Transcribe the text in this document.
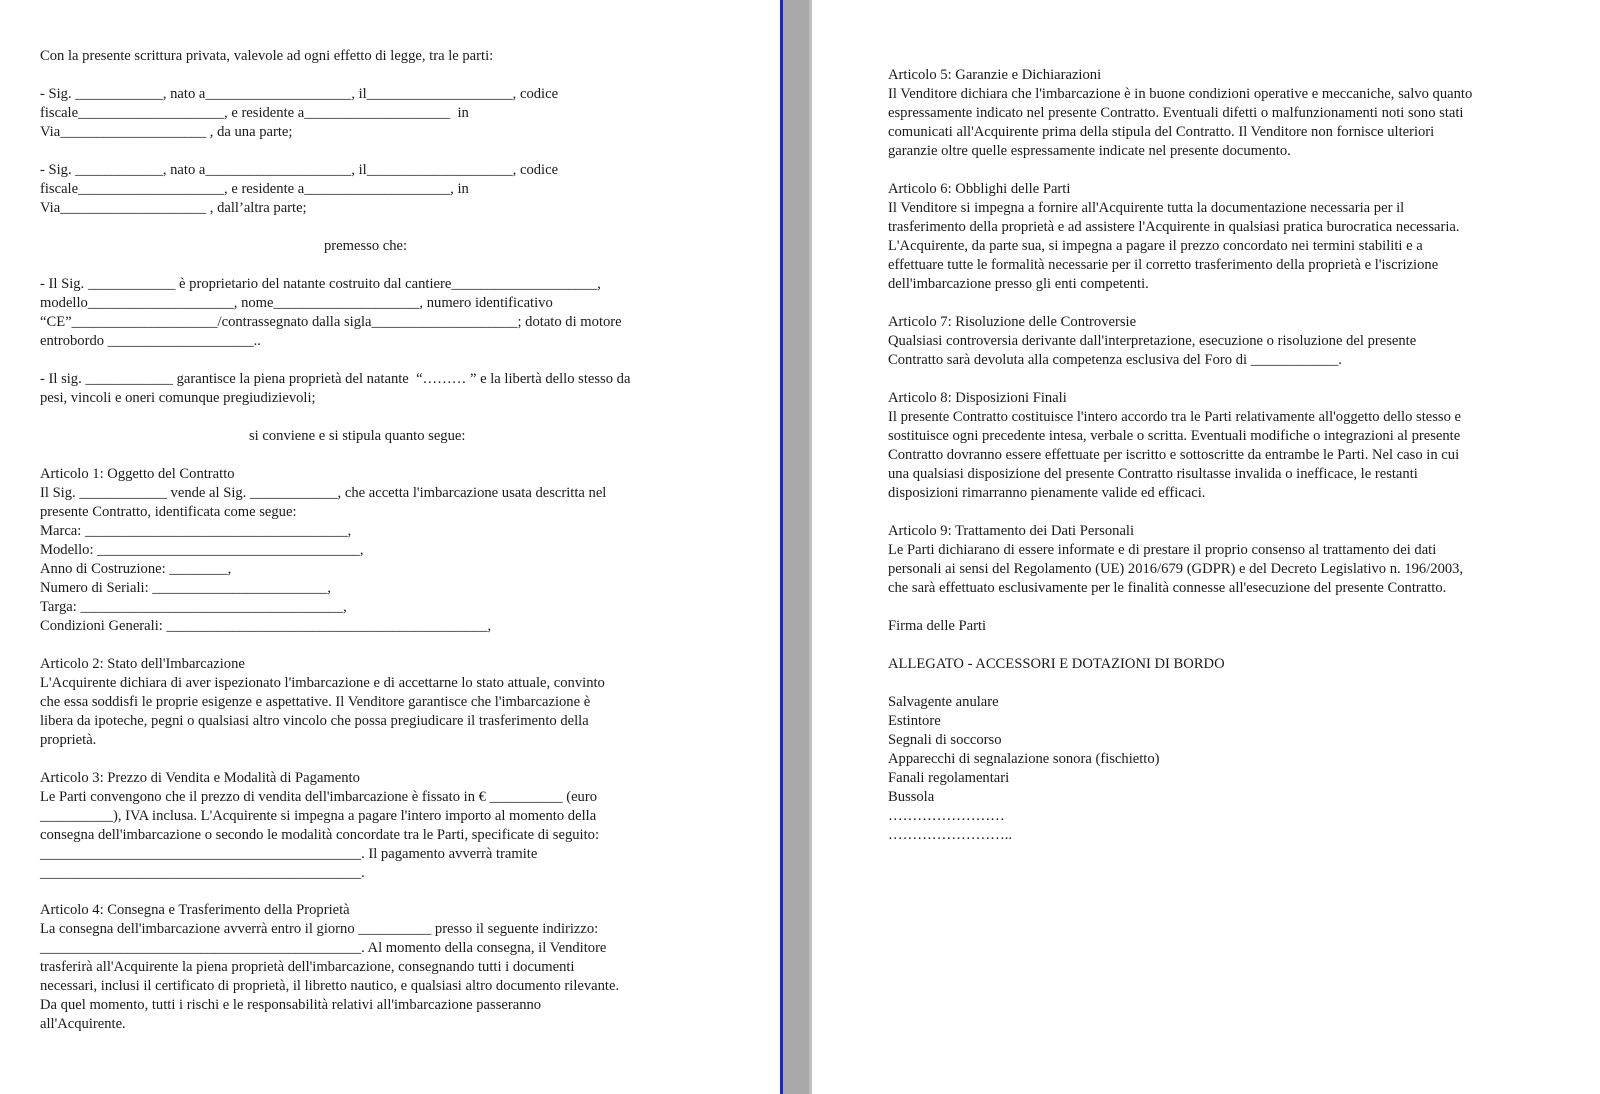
Con la presente scrittura privata, valevole ad ogni effetto di legge, tra le parti:
- Sig. ____________, nato a____________________, il____________________, codice
fiscale____________________, e residente a____________________  in
Via____________________ , da una parte;
- Sig. ____________, nato a____________________, il____________________, codice
fiscale____________________, e residente a____________________, in
Via____________________ , dall’altra parte;
premesso che:
- Il Sig. ____________ è proprietario del natante costruito dal cantiere____________________,
modello____________________, nome____________________, numero identificativo
“CE”____________________/contrassegnato dalla sigla____________________; dotato di motore
entrobordo ____________________..
- Il sig. ____________ garantisce la piena proprietà del natante  “……… ” e la libertà dello stesso da
pesi, vincoli e oneri comunque pregiudizievoli;
si conviene e si stipula quanto segue:
Articolo 1: Oggetto del Contratto
Il Sig. ____________ vende al Sig. ____________, che accetta l'imbarcazione usata descritta nel
presente Contratto, identificata come segue:
Marca: ____________________________________,
Modello: ____________________________________,
Anno di Costruzione: ________,
Numero di Seriali: ________________________,
Targa: ____________________________________,
Condizioni Generali: ____________________________________________,
Articolo 2: Stato dell'Imbarcazione
L'Acquirente dichiara di aver ispezionato l'imbarcazione e di accettarne lo stato attuale, convinto
che essa soddisfi le proprie esigenze e aspettative. Il Venditore garantisce che l'imbarcazione è
libera da ipoteche, pegni o qualsiasi altro vincolo che possa pregiudicare il trasferimento della
proprietà.
Articolo 3: Prezzo di Vendita e Modalità di Pagamento
Le Parti convengono che il prezzo di vendita dell'imbarcazione è fissato in € __________ (euro
__________), IVA inclusa. L'Acquirente si impegna a pagare l'intero importo al momento della
consegna dell'imbarcazione o secondo le modalità concordate tra le Parti, specificate di seguito:
____________________________________________. Il pagamento avverrà tramite
____________________________________________.
Articolo 4: Consegna e Trasferimento della Proprietà
La consegna dell'imbarcazione avverrà entro il giorno __________ presso il seguente indirizzo:
____________________________________________. Al momento della consegna, il Venditore
trasferirà all'Acquirente la piena proprietà dell'imbarcazione, consegnando tutti i documenti
necessari, inclusi il certificato di proprietà, il libretto nautico, e qualsiasi altro documento rilevante.
Da quel momento, tutti i rischi e le responsabilità relativi all'imbarcazione passeranno
all'Acquirente.
Articolo 5: Garanzie e Dichiarazioni
Il Venditore dichiara che l'imbarcazione è in buone condizioni operative e meccaniche, salvo quanto
espressamente indicato nel presente Contratto. Eventuali difetti o malfunzionamenti noti sono stati
comunicati all'Acquirente prima della stipula del Contratto. Il Venditore non fornisce ulteriori
garanzie oltre quelle espressamente indicate nel presente documento.
Articolo 6: Obblighi delle Parti
Il Venditore si impegna a fornire all'Acquirente tutta la documentazione necessaria per il
trasferimento della proprietà e ad assistere l'Acquirente in qualsiasi pratica burocratica necessaria.
L'Acquirente, da parte sua, si impegna a pagare il prezzo concordato nei termini stabiliti e a
effettuare tutte le formalità necessarie per il corretto trasferimento della proprietà e l'iscrizione
dell'imbarcazione presso gli enti competenti.
Articolo 7: Risoluzione delle Controversie
Qualsiasi controversia derivante dall'interpretazione, esecuzione o risoluzione del presente
Contratto sarà devoluta alla competenza esclusiva del Foro di ____________.
Articolo 8: Disposizioni Finali
Il presente Contratto costituisce l'intero accordo tra le Parti relativamente all'oggetto dello stesso e
sostituisce ogni precedente intesa, verbale o scritta. Eventuali modifiche o integrazioni al presente
Contratto dovranno essere effettuate per iscritto e sottoscritte da entrambe le Parti. Nel caso in cui
una qualsiasi disposizione del presente Contratto risultasse invalida o inefficace, le restanti
disposizioni rimarranno pienamente valide ed efficaci.
Articolo 9: Trattamento dei Dati Personali
Le Parti dichiarano di essere informate e di prestare il proprio consenso al trattamento dei dati
personali ai sensi del Regolamento (UE) 2016/679 (GDPR) e del Decreto Legislativo n. 196/2003,
che sarà effettuato esclusivamente per le finalità connesse all'esecuzione del presente Contratto.
Firma delle Parti
ALLEGATO - ACCESSORI E DOTAZIONI DI BORDO
Salvagente anulare
Estintore
Segnali di soccorso
Apparecchi di segnalazione sonora (fischietto)
Fanali regolamentari
Bussola
……………………
……………………..
